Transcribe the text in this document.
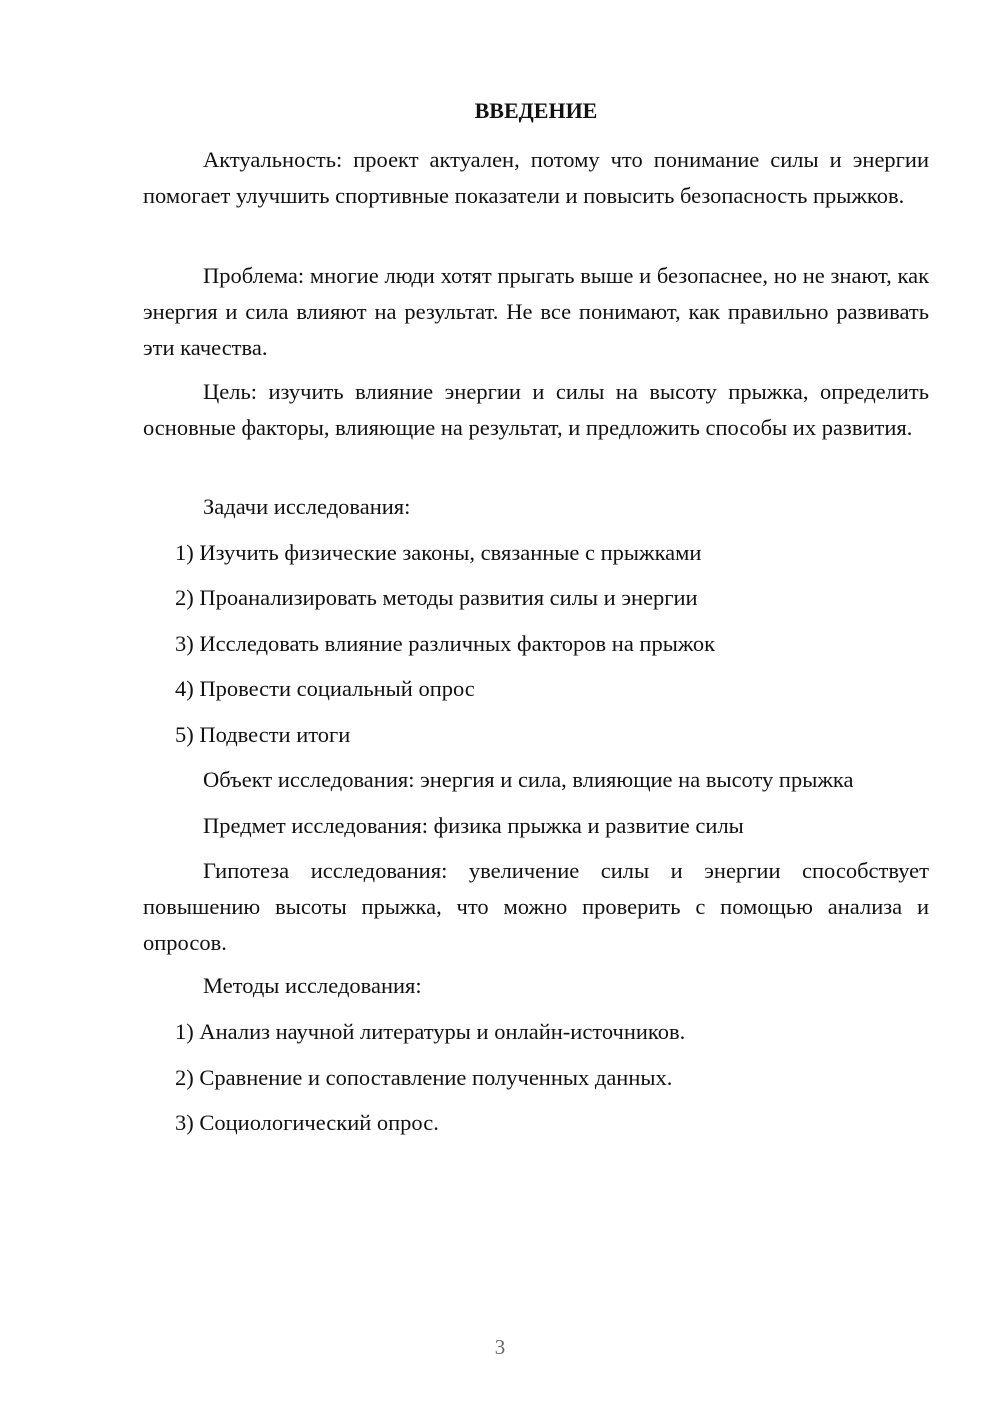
ВВЕДЕНИЕ

Актуальность: проект актуален, потому что понимание силы и энергии помогает улучшить спортивные показатели и повысить безопасность прыжков.

Проблема: многие люди хотят прыгать выше и безопаснее, но не знают, как энергия и сила влияют на результат. Не все понимают, как правильно развивать эти качества.

Цель: изучить влияние энергии и силы на высоту прыжка, определить основные факторы, влияющие на результат, и предложить способы их развития.

Задачи исследования:

1) Изучить физические законы, связанные с прыжками

2) Проанализировать методы развития силы и энергии

3) Исследовать влияние различных факторов на прыжок

4) Провести социальный опрос

5) Подвести итоги

Объект исследования: энергия и сила, влияющие на высоту прыжка

Предмет исследования: физика прыжка и развитие силы

Гипотеза исследования: увеличение силы и энергии способствует повышению высоты прыжка, что можно проверить с помощью анализа и опросов.

Методы исследования:

1) Анализ научной литературы и онлайн-источников.

2) Сравнение и сопоставление полученных данных.

3) Социологический опрос.

3
